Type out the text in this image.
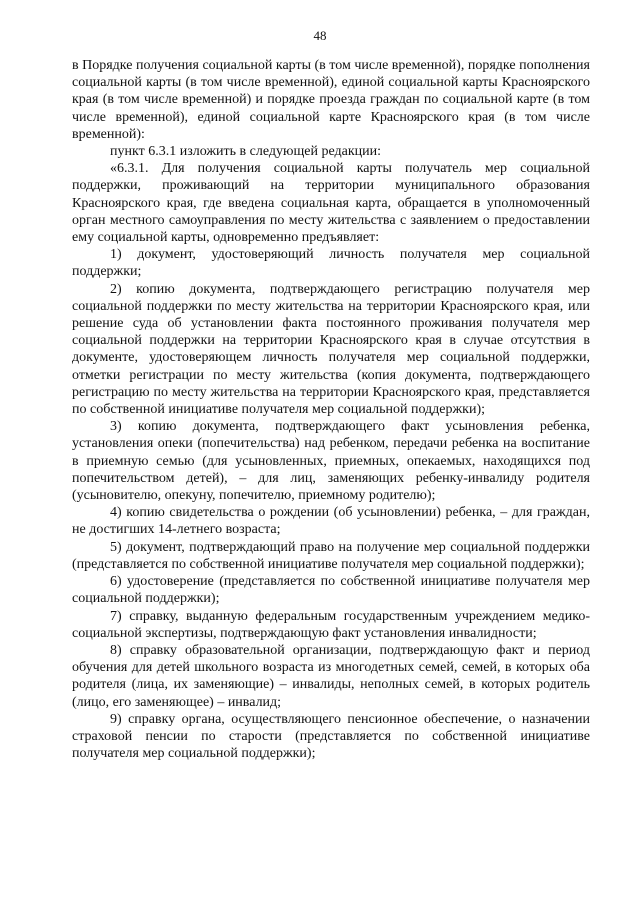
48

в Порядке получения социальной карты (в том числе временной), порядке пополнения социальной карты (в том числе временной), единой социальной карты Красноярского края (в том числе временной) и порядке проезда граждан по социальной карте (в том числе временной), единой социальной карте Красноярского края (в том числе временной):

пункт 6.3.1 изложить в следующей редакции:

«6.3.1. Для получения социальной карты получатель мер социальной поддержки, проживающий на территории муниципального образования Красноярского края, где введена социальная карта, обращается в уполномоченный орган местного самоуправления по месту жительства с заявлением о предоставлении ему социальной карты, одновременно предъявляет:

1) документ, удостоверяющий личность получателя мер социальной поддержки;

2) копию документа, подтверждающего регистрацию получателя мер социальной поддержки по месту жительства на территории Красноярского края, или решение суда об установлении факта постоянного проживания получателя мер социальной поддержки на территории Красноярского края в случае отсутствия в документе, удостоверяющем личность получателя мер социальной поддержки, отметки регистрации по месту жительства (копия документа, подтверждающего регистрацию по месту жительства на территории Красноярского края, представляется по собственной инициативе получателя мер социальной поддержки);

3) копию документа, подтверждающего факт усыновления ребенка, установления опеки (попечительства) над ребенком, передачи ребенка на воспитание в приемную семью (для усыновленных, приемных, опекаемых, находящихся под попечительством детей), – для лиц, заменяющих ребенку-инвалиду родителя (усыновителю, опекуну, попечителю, приемному родителю);

4) копию свидетельства о рождении (об усыновлении) ребенка, – для граждан, не достигших 14-летнего возраста;

5) документ, подтверждающий право на получение мер социальной поддержки (представляется по собственной инициативе получателя мер социальной поддержки);

6) удостоверение (представляется по собственной инициативе получателя мер социальной поддержки);

7) справку, выданную федеральным государственным учреждением медико-социальной экспертизы, подтверждающую факт установления инвалидности;

8) справку образовательной организации, подтверждающую факт и период обучения для детей школьного возраста из многодетных семей, семей, в которых оба родителя (лица, их заменяющие) – инвалиды, неполных семей, в которых родитель (лицо, его заменяющее) – инвалид;

9) справку органа, осуществляющего пенсионное обеспечение, о назначении страховой пенсии по старости (представляется по собственной инициативе получателя мер социальной поддержки);
